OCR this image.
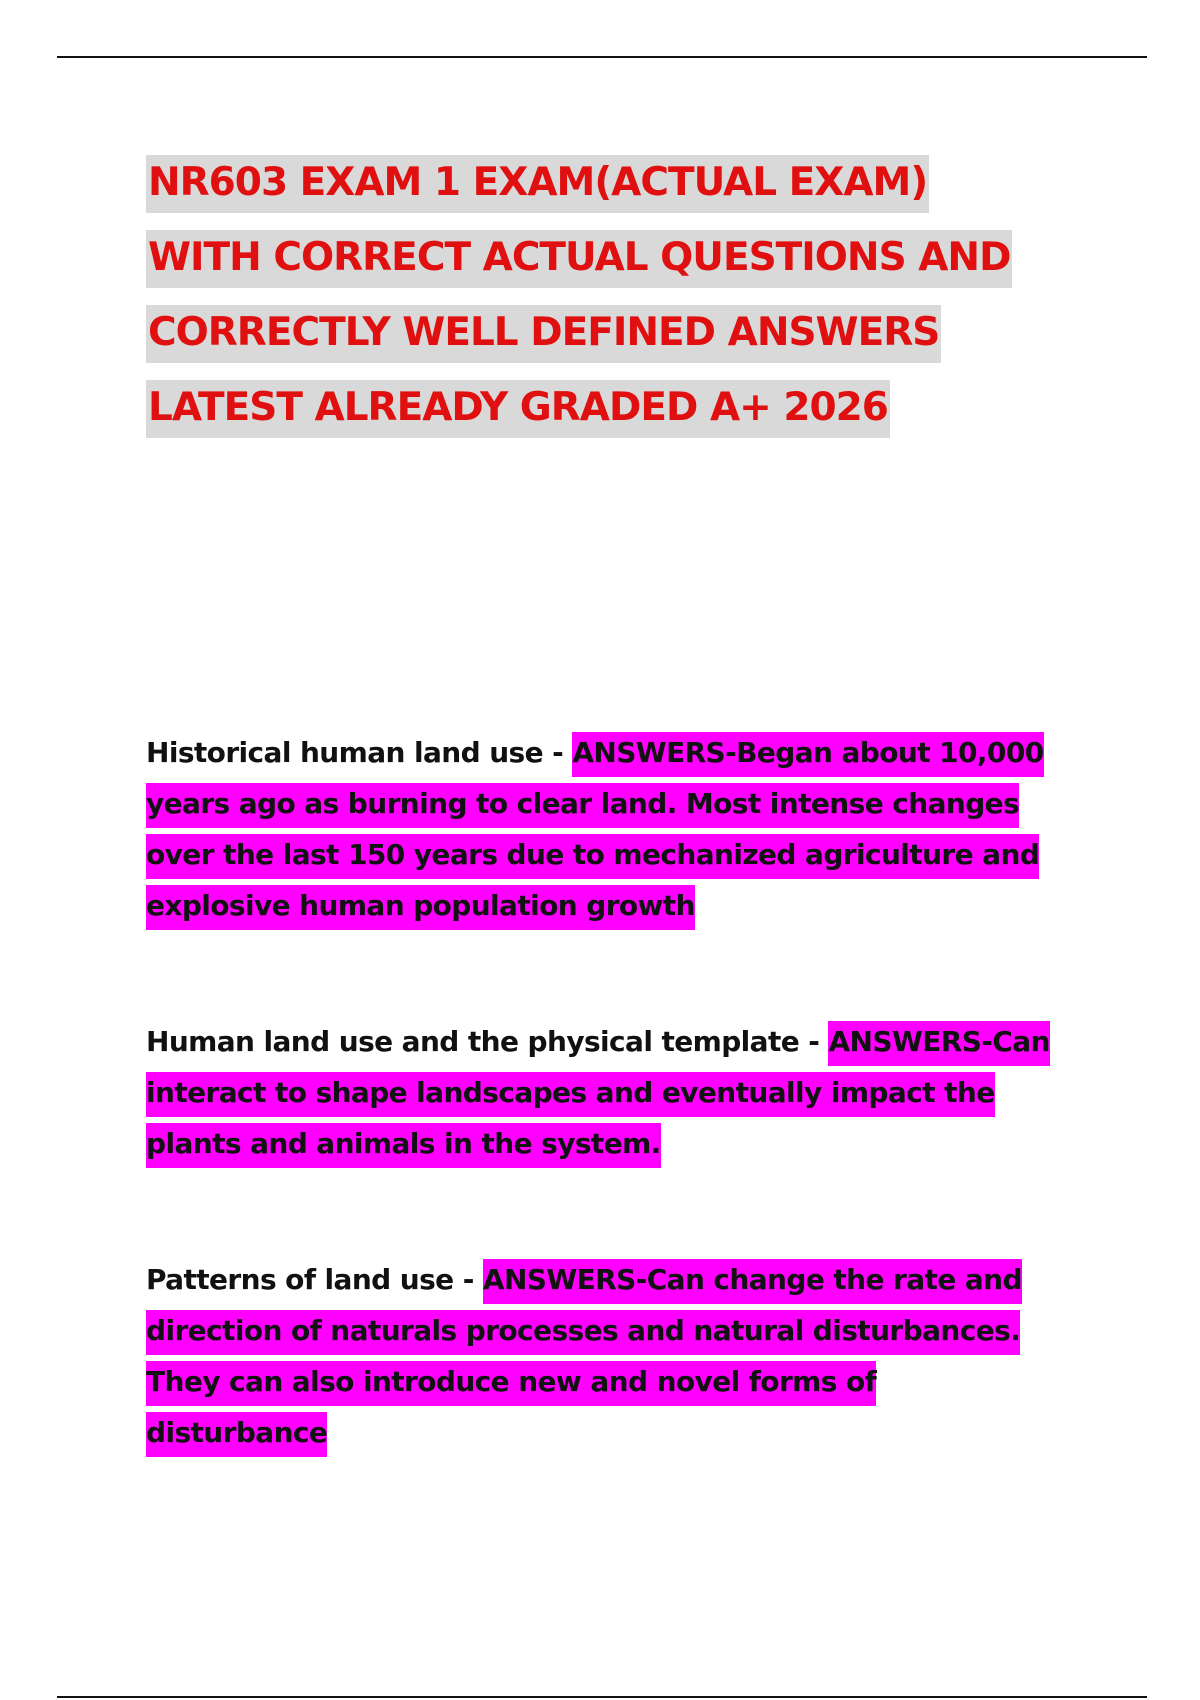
NR603 EXAM 1 EXAM(ACTUAL EXAM)
WITH CORRECT ACTUAL QUESTIONS AND
CORRECTLY WELL DEFINED ANSWERS
LATEST ALREADY GRADED A+ 2026

Historical human land use - ANSWERS-Began about 10,000 years ago as burning to clear land. Most intense changes over the last 150 years due to mechanized agriculture and explosive human population growth

Human land use and the physical template - ANSWERS-Can interact to shape landscapes and eventually impact the plants and animals in the system.

Patterns of land use - ANSWERS-Can change the rate and direction of naturals processes and natural disturbances. They can also introduce new and novel forms of disturbance
